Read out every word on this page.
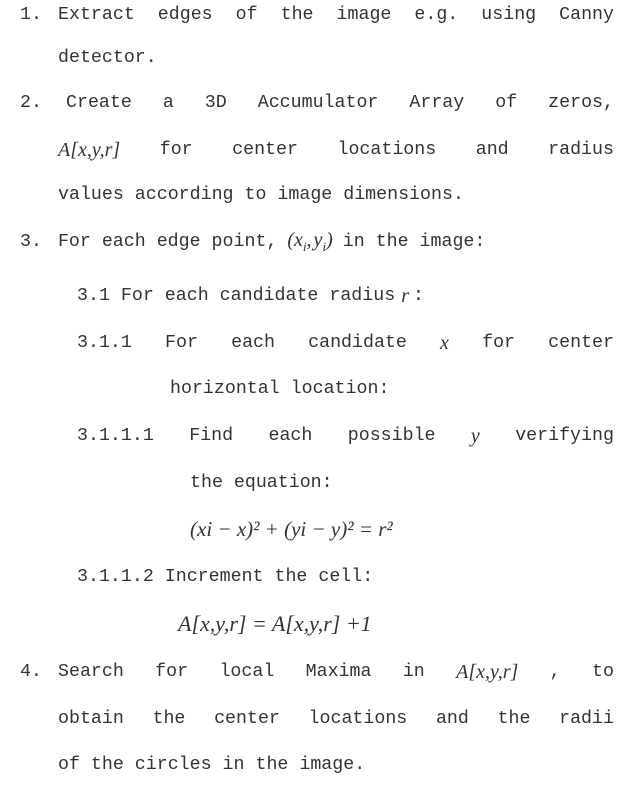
1. Extract edges of the image e.g. using Canny
detector.
2. Create a 3D Accumulator Array of zeros,
A[x,y,r] for center locations and radius
values according to image dimensions.
3. For each edge point, ($x_i$, $y_i$) in the image:
3.1 For each candidate radius r :
3.1.1 For each candidate x for center
horizontal location:
3.1.1.1 Find each possible y verifying
the equation:
(xi − x)² + (yi − y)² = r²
3.1.1.2 Increment the cell:
A[x,y,r] = A[x,y,r] +1
4. Search for local Maxima in A[x,y,r] , to
obtain the center locations and the radii
of the circles in the image.
